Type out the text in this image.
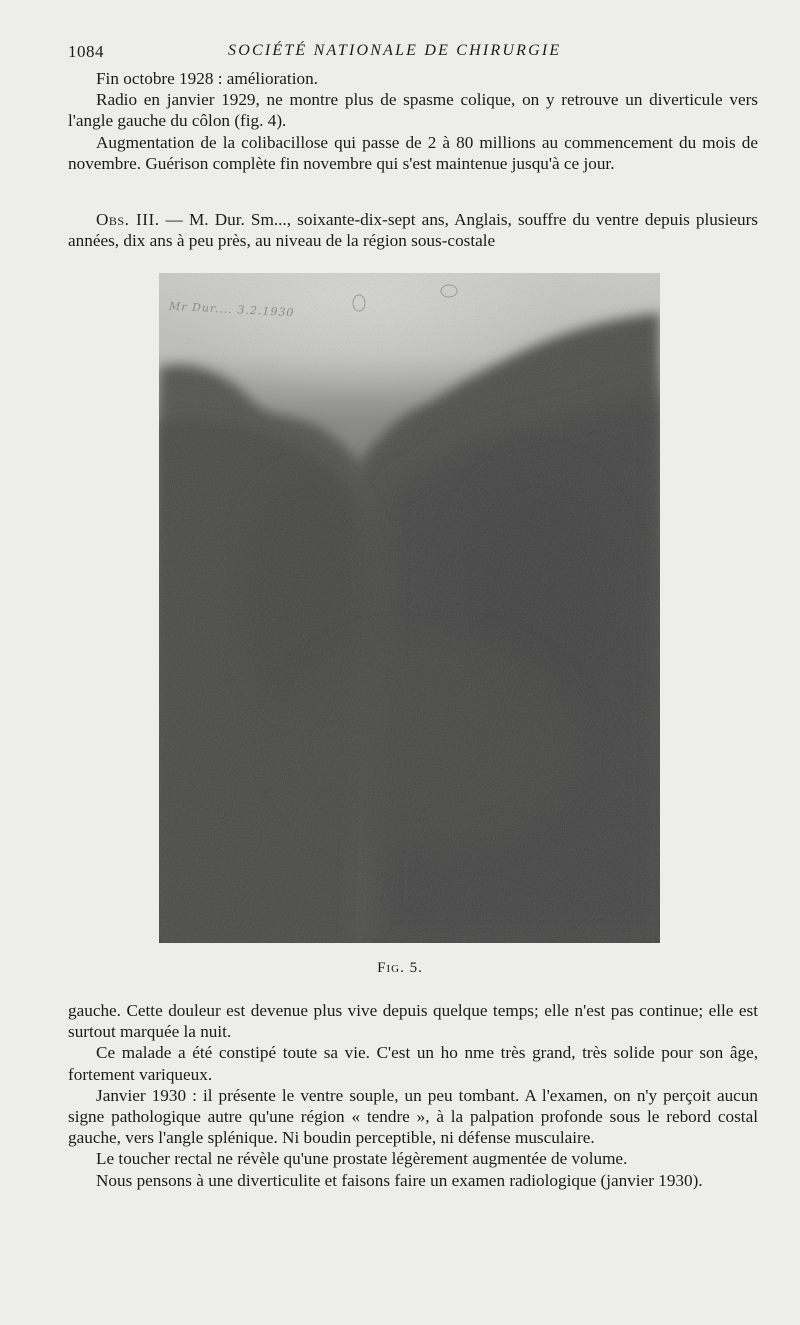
1084	SOCIÉTÉ NATIONALE DE CHIRURGIE

Fin octobre 1928 : amélioration.

Radio en janvier 1929, ne montre plus de spasme colique, on y retrouve un diverticule vers l'angle gauche du côlon (fig. 4).

Augmentation de la colibacillose qui passe de 2 à 80 millions au commencement du mois de novembre. Guérison complète fin novembre qui s'est maintenue jusqu'à ce jour.

Obs. III. — M. Dur. Sm..., soixante-dix-sept ans, Anglais, souffre du ventre depuis plusieurs années, dix ans à peu près, au niveau de la région sous-costale

Mr Dur.... 3.2.1930
Fig. 5.

gauche. Cette douleur est devenue plus vive depuis quelque temps; elle n'est pas continue; elle est surtout marquée la nuit.

Ce malade a été constipé toute sa vie. C'est un ho nme très grand, très solide pour son âge, fortement variqueux.

Janvier 1930 : il présente le ventre souple, un peu tombant. A l'examen, on n'y perçoit aucun signe pathologique autre qu'une région « tendre », à la palpation profonde sous le rebord costal gauche, vers l'angle splénique. Ni boudin perceptible, ni défense musculaire.

Le toucher rectal ne révèle qu'une prostate légèrement augmentée de volume.

Nous pensons à une diverticulite et faisons faire un examen radiologique (janvier 1930).
